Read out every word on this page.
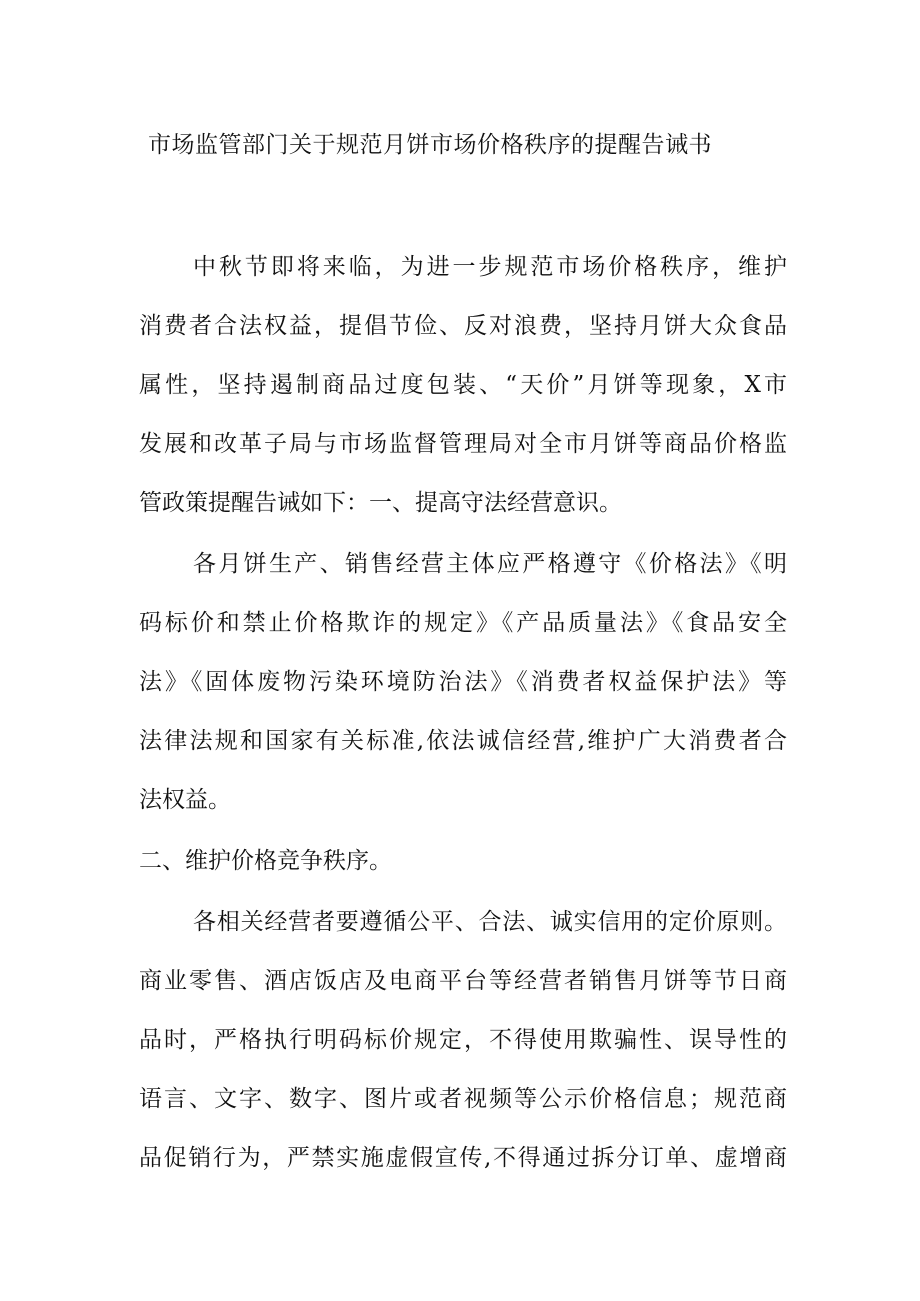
市场监管部门关于规范月饼市场价格秩序的提醒告诫书

中秋节即将来临，为进一步规范市场价格秩序，维护

消费者合法权益，提倡节俭、反对浪费，坚持月饼大众食品

属性，坚持遏制商品过度包装、“天价”月饼等现象，X市

发展和改革子局与市场监督管理局对全市月饼等商品价格监

管政策提醒告诫如下：一、提高守法经营意识。

各月饼生产、销售经营主体应严格遵守《价格法》《明

码标价和禁止价格欺诈的规定》《产品质量法》《食品安全

法》《固体废物污染环境防治法》《消费者权益保护法》等

法律法规和国家有关标准,依法诚信经营,维护广大消费者合

法权益。

二、维护价格竞争秩序。

各相关经营者要遵循公平、合法、诚实信用的定价原则。

商业零售、酒店饭店及电商平台等经营者销售月饼等节日商

品时，严格执行明码标价规定，不得使用欺骗性、误导性的

语言、文字、数字、图片或者视频等公示价格信息；规范商

品促销行为，严禁实施虚假宣传,不得通过拆分订单、虚增商
